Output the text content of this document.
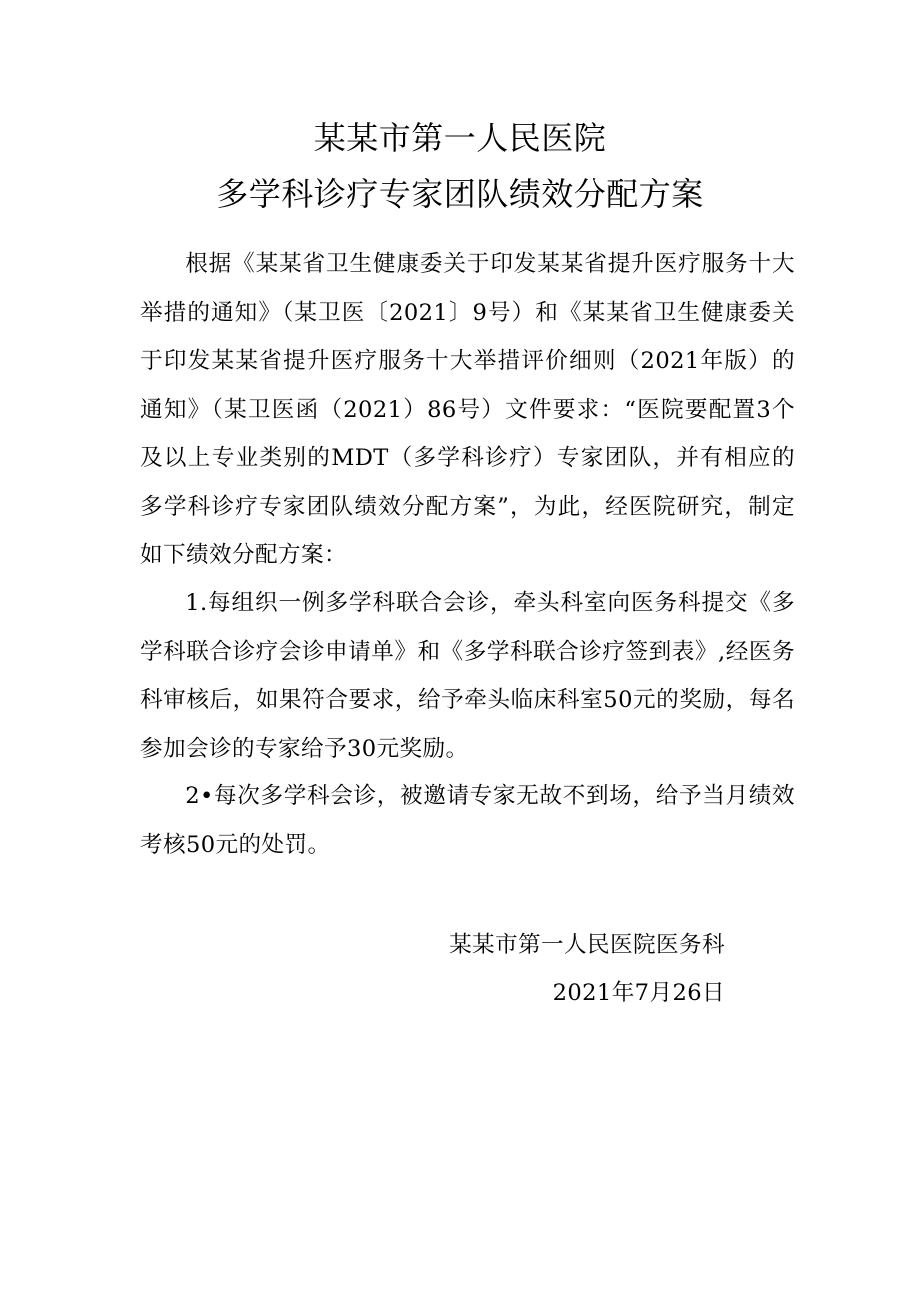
某某市第一人民医院
多学科诊疗专家团队绩效分配方案

根据《某某省卫生健康委关于印发某某省提升医疗服务十大举措的通知》（某卫医〔2021〕9号）和《某某省卫生健康委关于印发某某省提升医疗服务十大举措评价细则（2021年版）的通知》（某卫医函（2021）86号）文件要求：“医院要配置3个及以上专业类别的MDT（多学科诊疗）专家团队，并有相应的多学科诊疗专家团队绩效分配方案”，为此，经医院研究，制定如下绩效分配方案：

1.每组织一例多学科联合会诊，牵头科室向医务科提交《多学科联合诊疗会诊申请单》和《多学科联合诊疗签到表》,经医务科审核后，如果符合要求，给予牵头临床科室50元的奖励，每名参加会诊的专家给予30元奖励。

2•每次多学科会诊，被邀请专家无故不到场，给予当月绩效考核50元的处罚。

某某市第一人民医院医务科
2021年7月26日
